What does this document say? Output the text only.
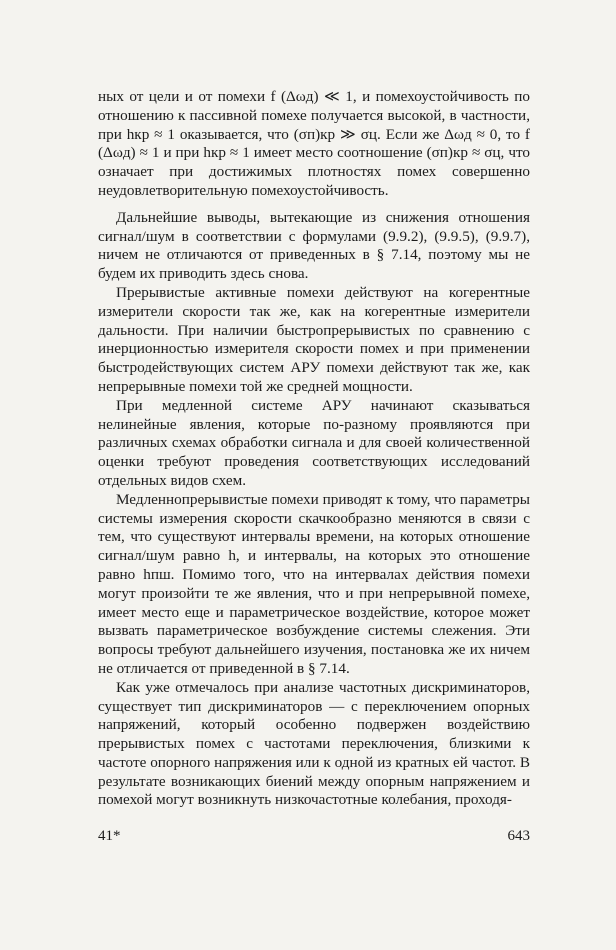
ных от цели и от помехи f (Δωд) ≪ 1, и помехоустойчивость по отношению к пассивной помехе получается высокой, в частности, при hкр ≈ 1 оказывается, что (σп)кр ≫ σц. Если же Δωд ≈ 0, то f (Δωд) ≈ 1 и при hкр ≈ 1 имеет место соотношение (σп)кр ≈ σц, что означает при достижимых плотностях помех совершенно неудовлетворительную помехоустойчивость.

Дальнейшие выводы, вытекающие из снижения отношения сигнал/шум в соответствии с формулами (9.9.2), (9.9.5), (9.9.7), ничем не отличаются от приведенных в § 7.14, поэтому мы не будем их приводить здесь снова.

Прерывистые активные помехи действуют на когерентные измерители скорости так же, как на когерентные измерители дальности. При наличии быстропрерывистых по сравнению с инерционностью измерителя скорости помех и при применении быстродействующих систем АРУ помехи действуют так же, как непрерывные помехи той же средней мощности.

При медленной системе АРУ начинают сказываться нелинейные явления, которые по-разному проявляются при различных схемах обработки сигнала и для своей количественной оценки требуют проведения соответствующих исследований отдельных видов схем.

Медленнопрерывистые помехи приводят к тому, что параметры системы измерения скорости скачкообразно меняются в связи с тем, что существуют интервалы времени, на которых отношение сигнал/шум равно h, и интервалы, на которых это отношение равно hпш. Помимо того, что на интервалах действия помехи могут произойти те же явления, что и при непрерывной помехе, имеет место еще и параметрическое воздействие, которое может вызвать параметрическое возбуждение системы слежения. Эти вопросы требуют дальнейшего изучения, постановка же их ничем не отличается от приведенной в § 7.14.

Как уже отмечалось при анализе частотных дискриминаторов, существует тип дискриминаторов — с переключением опорных напряжений, который особенно подвержен воздействию прерывистых помех с частотами переключения, близкими к частоте опорного напряжения или к одной из кратных ей частот. В результате возникающих биений между опорным напряжением и помехой могут возникнуть низкочастотные колебания, проходя-

41*	643
